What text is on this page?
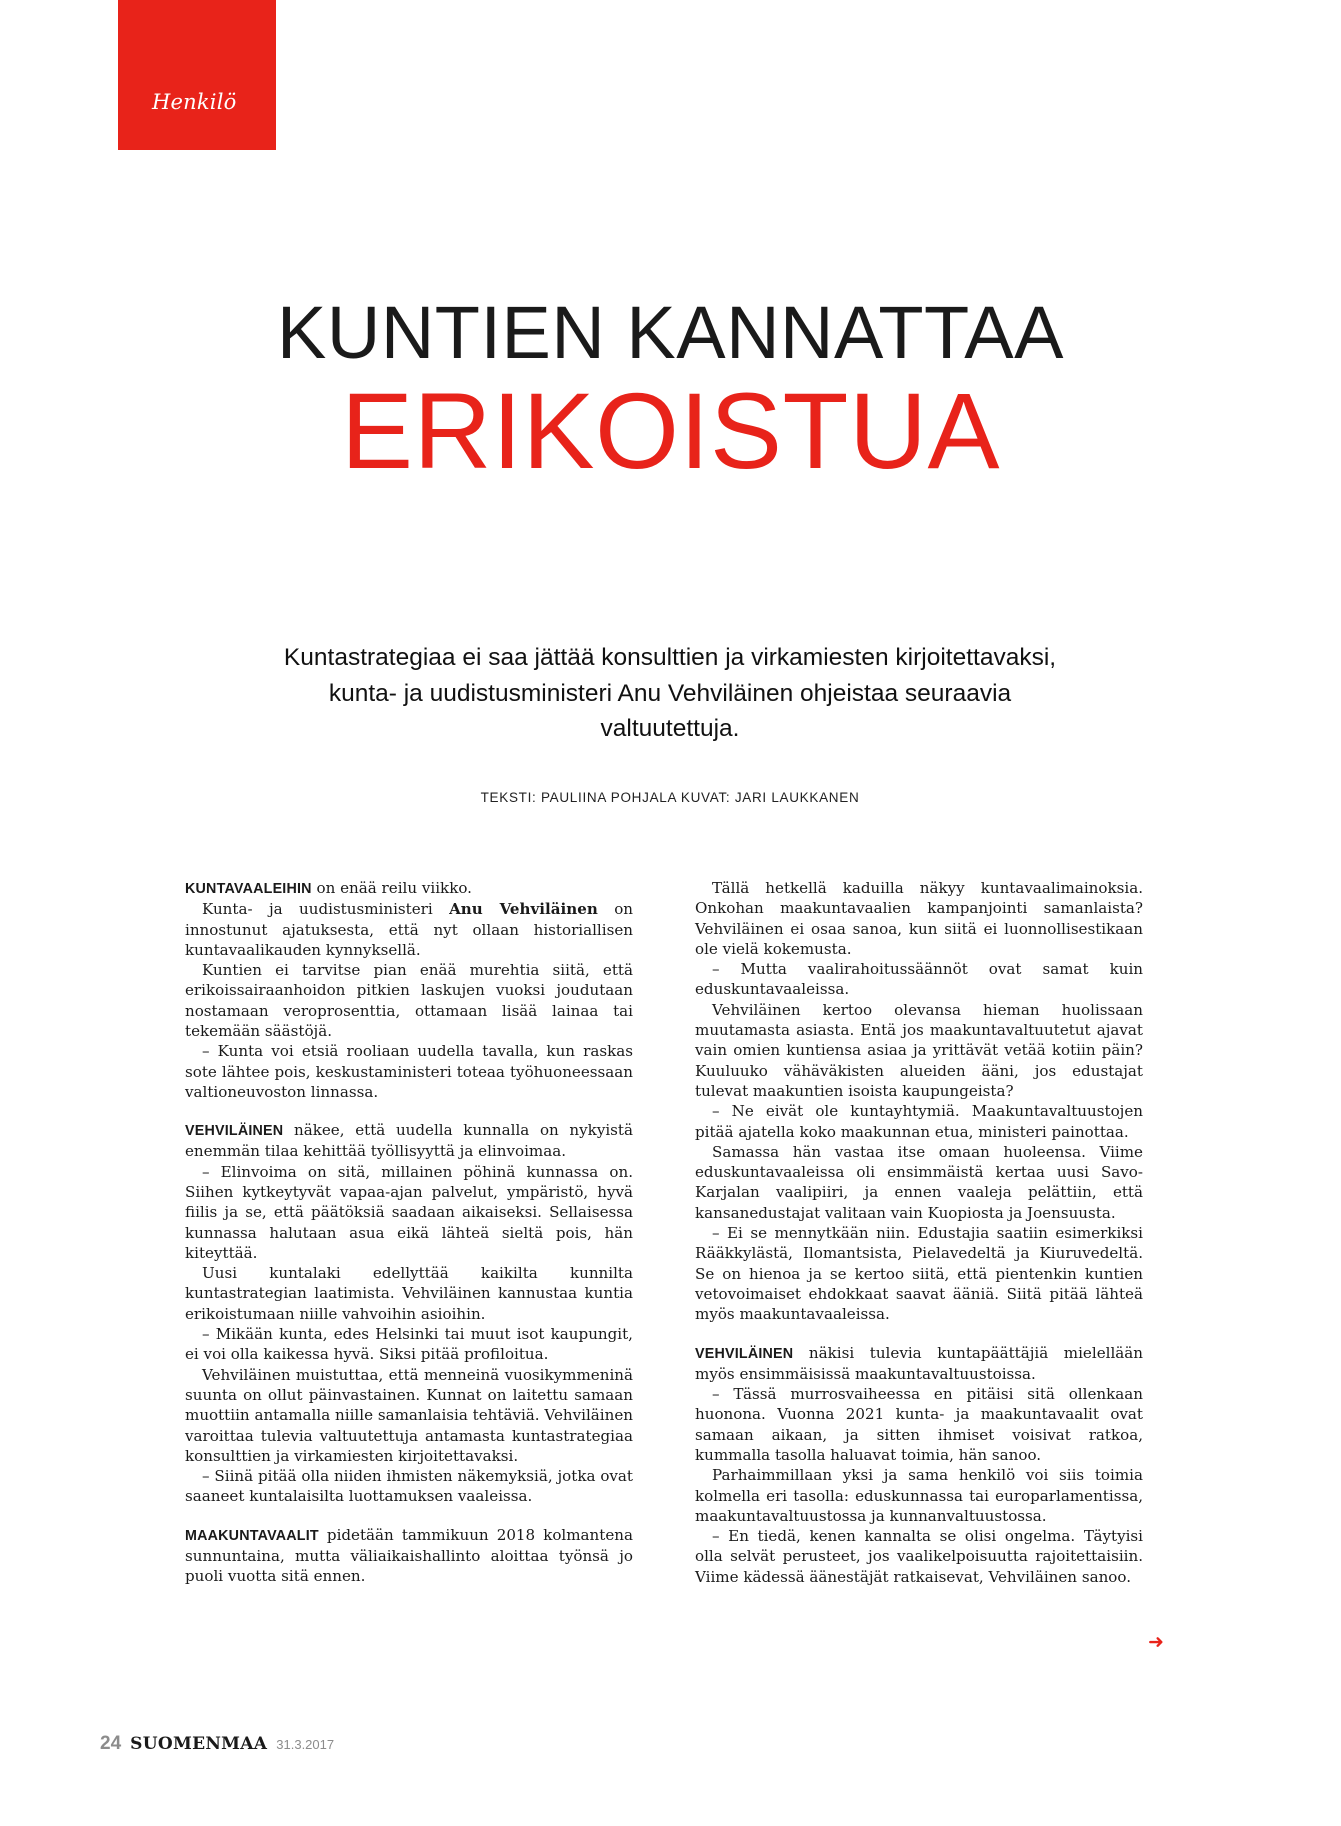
Henkilö
KUNTIEN KANNATTAA
ERIKOISTUA
Kuntastrategiaa ei saa jättää konsulttien ja virkamiesten kirjoitettavaksi, kunta- ja uudistusministeri Anu Vehviläinen ohjeistaa seuraavia valtuutettuja.
TEKSTI: PAULIINA POHJALA KUVAT: JARI LAUKKANEN

KUNTAVAALEIHIN on enää reilu viikko.

Kunta- ja uudistusministeri Anu Vehviläinen on innostunut ajatuksesta, että nyt ollaan historiallisen kuntavaalikauden kynnyksellä.

Kuntien ei tarvitse pian enää murehtia siitä, että erikoissairaanhoidon pitkien laskujen vuoksi joudutaan nostamaan veroprosenttia, ottamaan lisää lainaa tai tekemään säästöjä.

– Kunta voi etsiä rooliaan uudella tavalla, kun raskas sote lähtee pois, keskustaministeri toteaa työhuoneessaan valtioneuvoston linnassa.

VEHVILÄINEN näkee, että uudella kunnalla on nykyistä enemmän tilaa kehittää työllisyyttä ja elinvoimaa.

– Elinvoima on sitä, millainen pöhinä kunnassa on. Siihen kytkeytyvät vapaa-ajan palvelut, ympäristö, hyvä fiilis ja se, että päätöksiä saadaan aikaiseksi. Sellaisessa kunnassa halutaan asua eikä lähteä sieltä pois, hän kiteyttää.

Uusi kuntalaki edellyttää kaikilta kunnilta kuntastrategian laatimista. Vehviläinen kannustaa kuntia erikoistumaan niille vahvoihin asioihin.

– Mikään kunta, edes Helsinki tai muut isot kaupungit, ei voi olla kaikessa hyvä. Siksi pitää profiloitua.

Vehviläinen muistuttaa, että menneinä vuosikymmeninä suunta on ollut päinvastainen. Kunnat on laitettu samaan muottiin antamalla niille samanlaisia tehtäviä. Vehviläinen varoittaa tulevia valtuutettuja antamasta kuntastrategiaa konsulttien ja virkamiesten kirjoitettavaksi.

– Siinä pitää olla niiden ihmisten näkemyksiä, jotka ovat saaneet kuntalaisilta luottamuksen vaaleissa.

MAAKUNTAVAALIT pidetään tammikuun 2018 kolmantena sunnuntaina, mutta väliaikaishallinto aloittaa työnsä jo puoli vuotta sitä ennen.

Tällä hetkellä kaduilla näkyy kuntavaalimainoksia. Onkohan maakuntavaalien kampanjointi samanlaista? Vehviläinen ei osaa sanoa, kun siitä ei luonnollisestikaan ole vielä kokemusta.

– Mutta vaalirahoitussäännöt ovat samat kuin eduskuntavaaleissa.

Vehviläinen kertoo olevansa hieman huolissaan muutamasta asiasta. Entä jos maakuntavaltuutetut ajavat vain omien kuntiensa asiaa ja yrittävät vetää kotiin päin? Kuuluuko vähäväkisten alueiden ääni, jos edustajat tulevat maakuntien isoista kaupungeista?

– Ne eivät ole kuntayhtymiä. Maakuntavaltuustojen pitää ajatella koko maakunnan etua, ministeri painottaa.

Samassa hän vastaa itse omaan huoleensa. Viime eduskuntavaaleissa oli ensimmäistä kertaa uusi Savo-Karjalan vaalipiiri, ja ennen vaaleja pelättiin, että kansanedustajat valitaan vain Kuopiosta ja Joensuusta.

– Ei se mennytkään niin. Edustajia saatiin esimerkiksi Rääkkylästä, Ilomantsista, Pielavedeltä ja Kiuruvedeltä. Se on hienoa ja se kertoo siitä, että pientenkin kuntien vetovoimaiset ehdokkaat saavat ääniä. Siitä pitää lähteä myös maakuntavaaleissa.

VEHVILÄINEN näkisi tulevia kuntapäättäjiä mielellään myös ensimmäisissä maakuntavaltuustoissa.

– Tässä murrosvaiheessa en pitäisi sitä ollenkaan huonona. Vuonna 2021 kunta- ja maakuntavaalit ovat samaan aikaan, ja sitten ihmiset voisivat ratkoa, kummalla tasolla haluavat toimia, hän sanoo.

Parhaimmillaan yksi ja sama henkilö voi siis toimia kolmella eri tasolla: eduskunnassa tai europarlamentissa, maakuntavaltuustossa ja kunnanvaltuustossa.

– En tiedä, kenen kannalta se olisi ongelma. Täytyisi olla selvät perusteet, jos vaalikelpoisuutta rajoitettaisiin. Viime kädessä äänestäjät ratkaisevat, Vehviläinen sanoo.

➜
24 SUOMENMAA 31.3.2017
